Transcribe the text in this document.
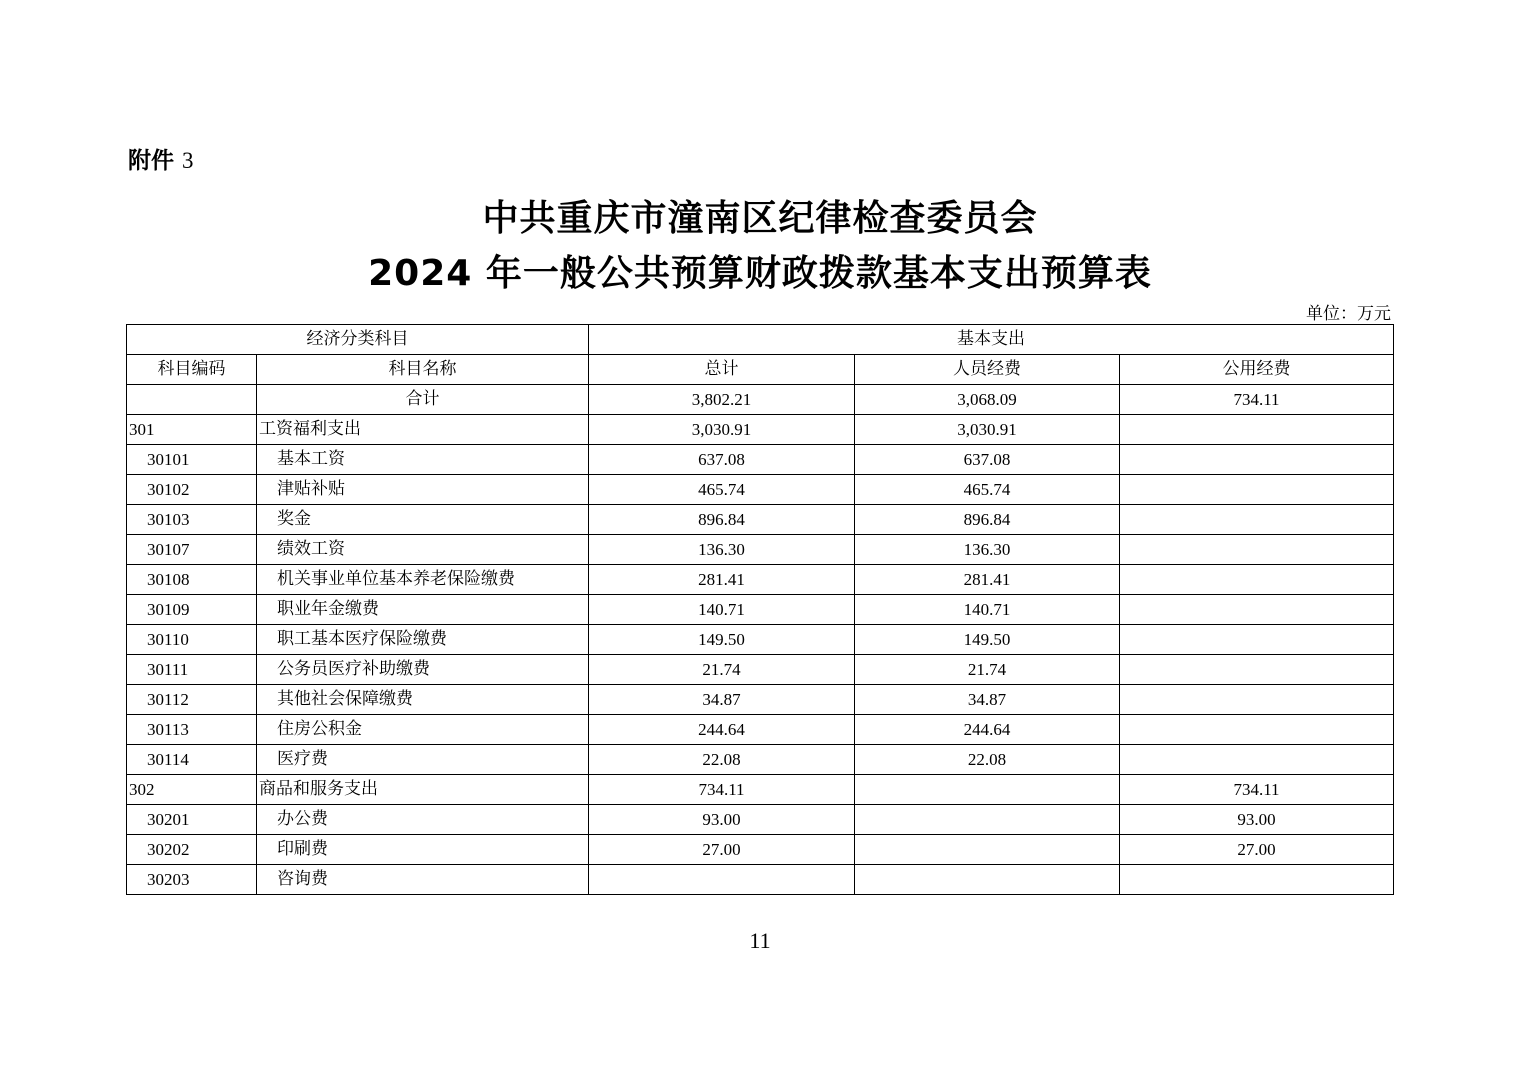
附件 3
中共重庆市潼南区纪律检查委员会
2024 年一般公共预算财政拨款基本支出预算表
单位：万元
经济分类科目		基本支出		
科目编码	科目名称	总计	人员经费	公用经费
	合计	3,802.21	3,068.09	734.11
301	工资福利支出	3,030.91	3,030.91	
30101	基本工资	637.08	637.08	
30102	津贴补贴	465.74	465.74	
30103	奖金	896.84	896.84	
30107	绩效工资	136.30	136.30	
30108	机关事业单位基本养老保险缴费	281.41	281.41	
30109	职业年金缴费	140.71	140.71	
30110	职工基本医疗保险缴费	149.50	149.50	
30111	公务员医疗补助缴费	21.74	21.74	
30112	其他社会保障缴费	34.87	34.87	
30113	住房公积金	244.64	244.64	
30114	医疗费	22.08	22.08	
302	商品和服务支出	734.11		734.11
30201	办公费	93.00		93.00
30202	印刷费	27.00		27.00
30203	咨询费			
11
